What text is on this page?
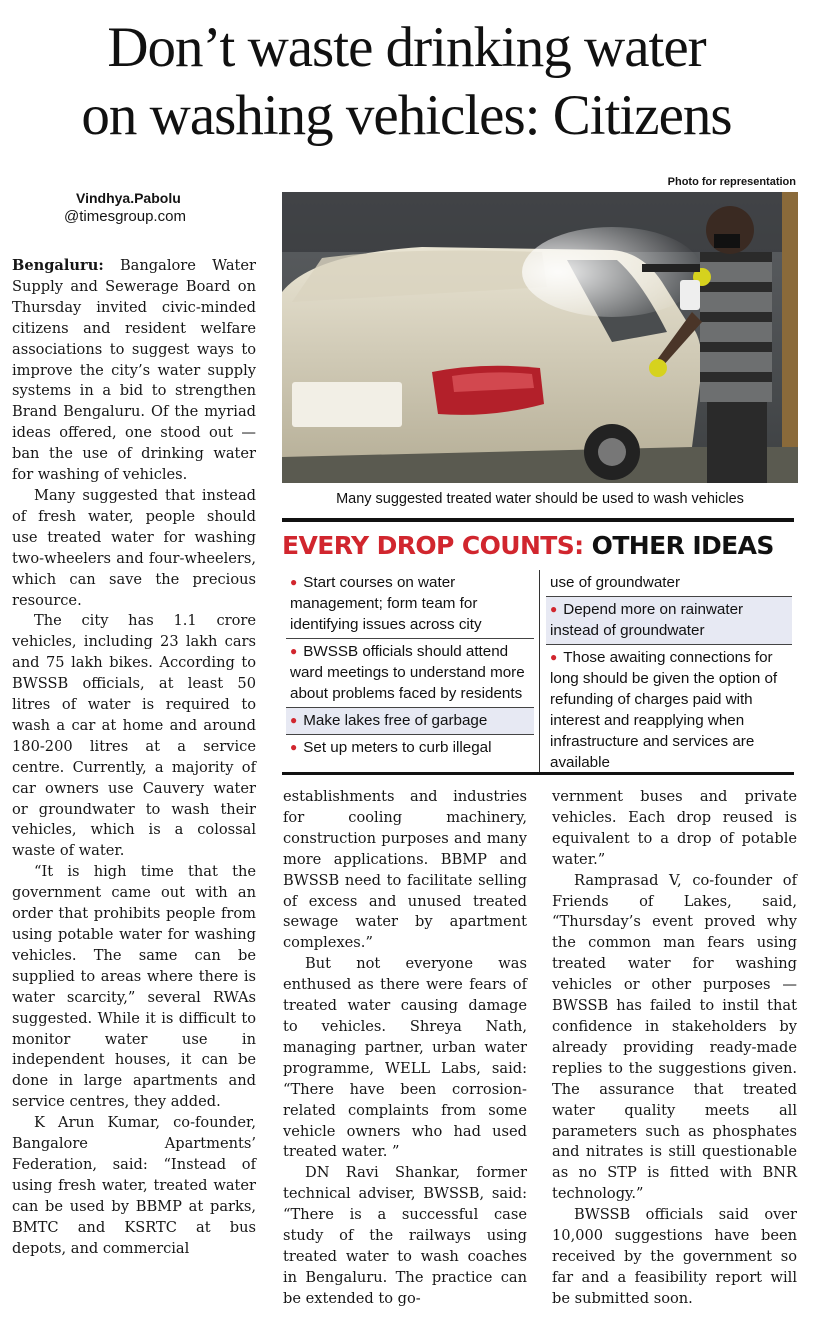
Don’t waste drinking water
on washing vehicles: Citizens
Vindhya.Pabolu
@timesgroup.com
Photo for representation

Bengaluru: Bangalore Water Supply and Sewerage Board on Thursday invited civic-minded citizens and resident welfare associations to suggest ways to improve the city’s water supply systems in a bid to strengthen Brand Bengaluru. Of the myriad ideas offered, one stood out — ban the use of drinking water for washing of vehicles.

Many suggested that instead of fresh water, people should use treated water for washing two-wheelers and four-wheelers, which can save the precious resource.

The city has 1.1 crore vehicles, including 23 lakh cars and 75 lakh bikes. According to BWSSB officials, at least 50 litres of water is required to wash a car at home and around 180-200 litres at a service centre. Currently, a majority of car owners use Cauvery water or groundwater to wash their vehicles, which is a colossal waste of water.

“It is high time that the government came out with an order that prohibits people from using potable water for washing vehicles. The same can be supplied to areas where there is water scarcity,” several RWAs suggested. While it is difficult to monitor water use in independent houses, it can be done in large apartments and service centres, they added.

K Arun Kumar, co-founder, Bangalore Apartments’ Federation, said: “Instead of using fresh water, treated water can be used by BBMP at parks, BMTC and KSRTC at bus depots, and commercial

Many suggested treated water should be used to wash vehicles
EVERY DROP COUNTS: OTHER IDEAS
● Start courses on water management; form team for identifying issues across city
● BWSSB officials should attend ward meetings to understand more about problems faced by residents
● Make lakes free of garbage
● Set up meters to curb illegal
use of groundwater
● Depend more on rainwater instead of groundwater
● Those awaiting connections for long should be given the option of refunding of charges paid with interest and reapplying when infrastructure and services are available

establishments and industries for cooling machinery, construction purposes and many more applications. BBMP and BWSSB need to facilitate selling of excess and unused treated sewage water by apartment complexes.”

But not everyone was enthused as there were fears of treated water causing damage to vehicles. Shreya Nath, managing partner, urban water programme, WELL Labs, said: “There have been corrosion-related complaints from some vehicle owners who had used treated water. ”

DN Ravi Shankar, former technical adviser, BWSSB, said: “There is a successful case study of the railways using treated water to wash coaches in Bengaluru. The practice can be extended to go-

vernment buses and private vehicles. Each drop reused is equivalent to a drop of potable water.”

Ramprasad V, co-founder of Friends of Lakes, said, “Thursday’s event proved why the common man fears using treated water for washing vehicles or other purposes — BWSSB has failed to instil that confidence in stakeholders by already providing ready-made replies to the suggestions given. The assurance that treated water quality meets all parameters such as phosphates and nitrates is still questionable as no STP is fitted with BNR technology.”

BWSSB officials said over 10,000 suggestions have been received by the government so far and a feasibility report will be submitted soon.
